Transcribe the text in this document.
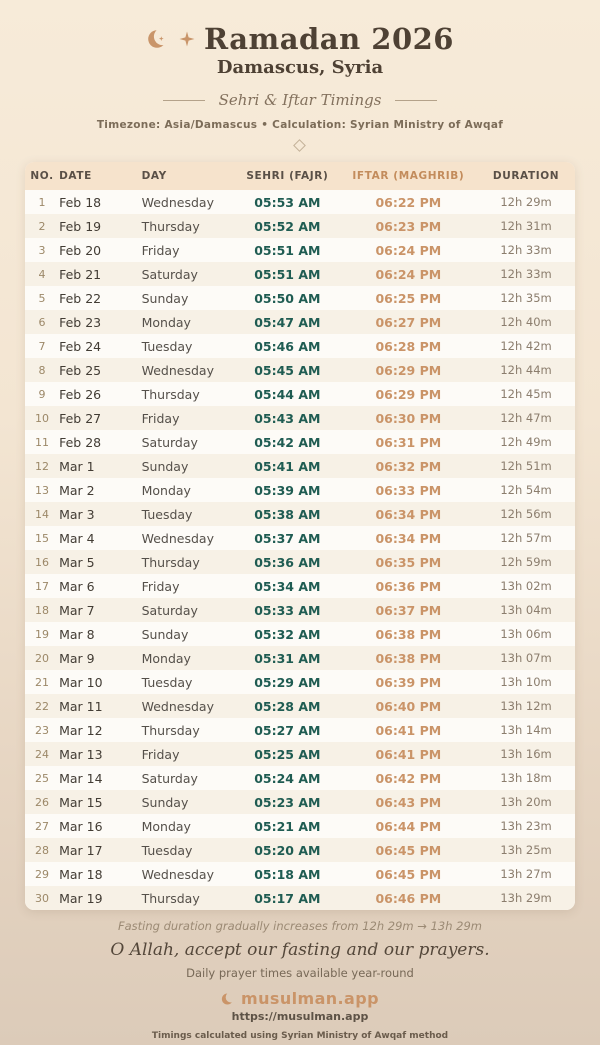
Ramadan 2026
Damascus, Syria
Sehri & Iftar Timings
Timezone: Asia/Damascus • Calculation: Syrian Ministry of Awqaf
NO. DATE	DAY	SEHRI (FAJR)	IFTAR (MAGHRIB)	DURATION
1	Feb 18	Wednesday	05:53 AM	06:22 PM	12h 29m
2	Feb 19	Thursday	05:52 AM	06:23 PM	12h 31m
3	Feb 20	Friday	05:51 AM	06:24 PM	12h 33m
4	Feb 21	Saturday	05:51 AM	06:24 PM	12h 33m
5	Feb 22	Sunday	05:50 AM	06:25 PM	12h 35m
6	Feb 23	Monday	05:47 AM	06:27 PM	12h 40m
7	Feb 24	Tuesday	05:46 AM	06:28 PM	12h 42m
8	Feb 25	Wednesday	05:45 AM	06:29 PM	12h 44m
9	Feb 26	Thursday	05:44 AM	06:29 PM	12h 45m
10 Feb 27	Friday	05:43 AM	06:30 PM	12h 47m
11 Feb 28	Saturday	05:42 AM	06:31 PM	12h 49m
12 Mar 1	Sunday	05:41 AM	06:32 PM	12h 51m
13 Mar 2	Monday	05:39 AM	06:33 PM	12h 54m
14 Mar 3	Tuesday	05:38 AM	06:34 PM	12h 56m
15 Mar 4	Wednesday	05:37 AM	06:34 PM	12h 57m
16 Mar 5	Thursday	05:36 AM	06:35 PM	12h 59m
17 Mar 6	Friday	05:34 AM	06:36 PM	13h 02m
18 Mar 7	Saturday	05:33 AM	06:37 PM	13h 04m
19 Mar 8	Sunday	05:32 AM	06:38 PM	13h 06m
20 Mar 9	Monday	05:31 AM	06:38 PM	13h 07m
21 Mar 10	Tuesday	05:29 AM	06:39 PM	13h 10m
22 Mar 11	Wednesday	05:28 AM	06:40 PM	13h 12m
23 Mar 12	Thursday	05:27 AM	06:41 PM	13h 14m
24 Mar 13	Friday	05:25 AM	06:41 PM	13h 16m
25 Mar 14	Saturday	05:24 AM	06:42 PM	13h 18m
26 Mar 15	Sunday	05:23 AM	06:43 PM	13h 20m
27 Mar 16	Monday	05:21 AM	06:44 PM	13h 23m
28 Mar 17	Tuesday	05:20 AM	06:45 PM	13h 25m
29 Mar 18	Wednesday	05:18 AM	06:45 PM	13h 27m
30 Mar 19	Thursday	05:17 AM	06:46 PM	13h 29m
Fasting duration gradually increases from 12h 29m → 13h 29m
O Allah, accept our fasting and our prayers.
Daily prayer times available year-round
musulman.app
https://musulman.app
Timings calculated using Syrian Ministry of Awqaf method
